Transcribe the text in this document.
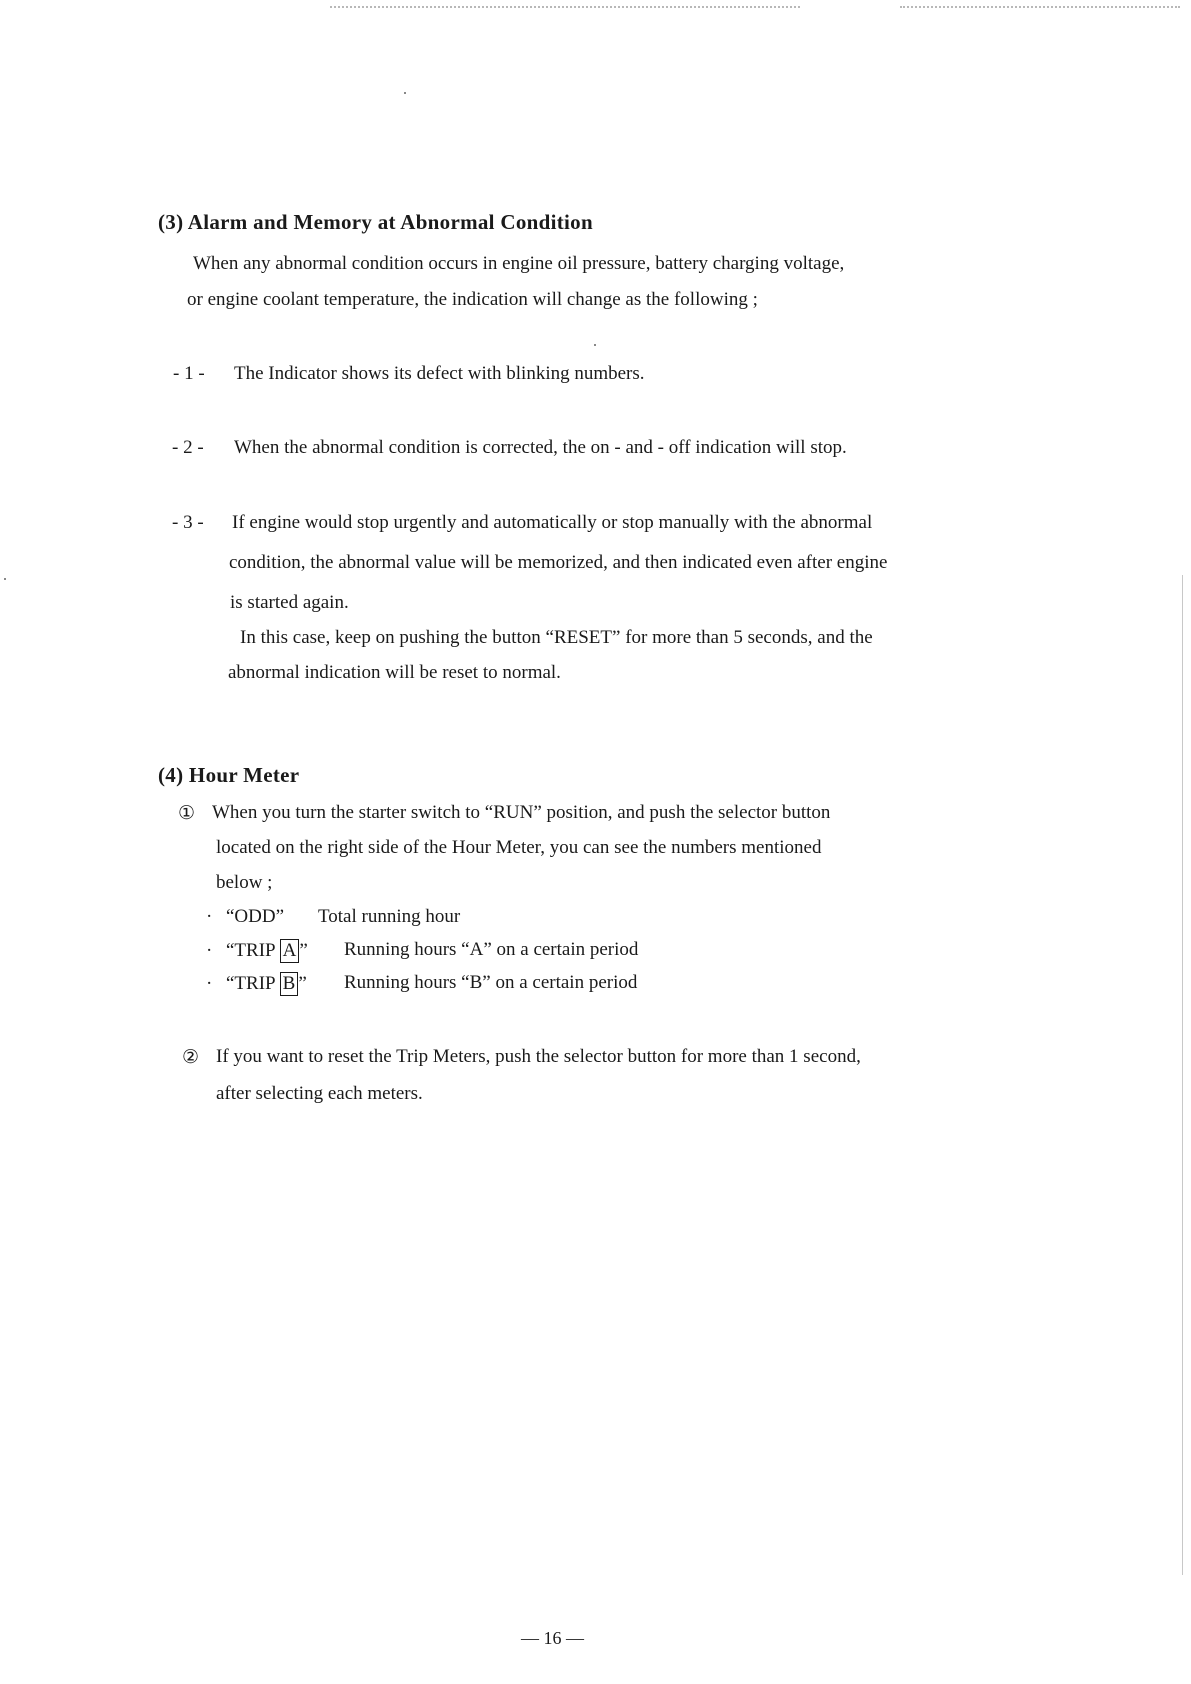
(3) Alarm and Memory at Abnormal Condition
When any abnormal condition occurs in engine oil pressure, battery charging voltage,
or engine coolant temperature, the indication will change as the following ;
- 1 - The Indicator shows its defect with blinking numbers.
- 2 - When the abnormal condition is corrected, the on - and - off indication will stop.
- 3 - If engine would stop urgently and automatically or stop manually with the abnormal
condition, the abnormal value will be memorized, and then indicated even after engine
is started again.
In this case, keep on pushing the button “RESET” for more than 5 seconds, and the
abnormal indication will be reset to normal.
(4) Hour Meter
① When you turn the starter switch to “RUN” position, and push the selector button
located on the right side of the Hour Meter, you can see the numbers mentioned
below ;
· “ODD” Total running hour
· “TRIP A ” Running hours “A” on a certain period
· “TRIP B ” Running hours “B” on a certain period
② If you want to reset the Trip Meters, push the selector button for more than 1 second,
after selecting each meters.
— 16 —
